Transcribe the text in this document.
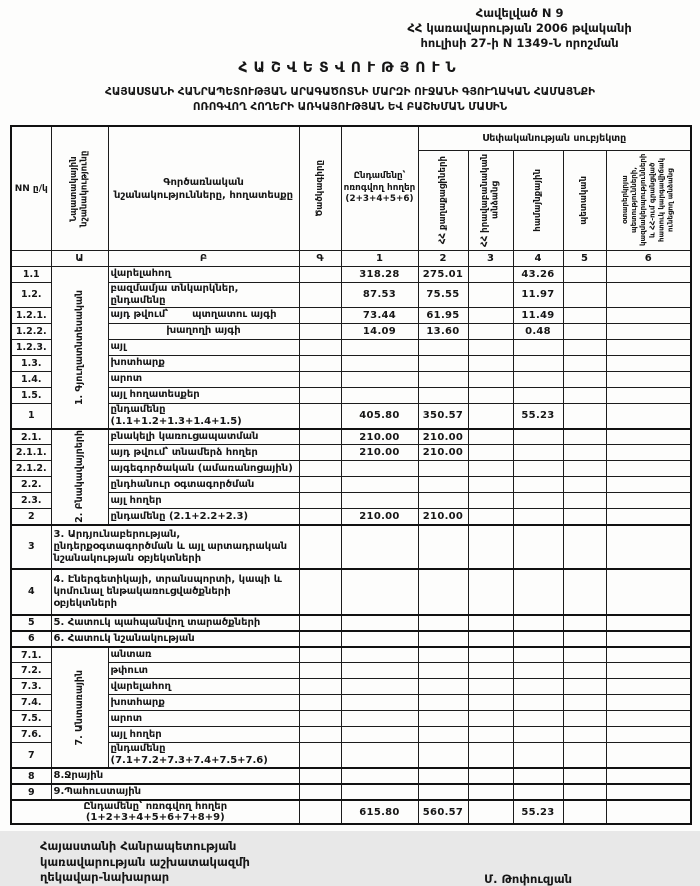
Հավելված N 9
ՀՀ կառավարության 2006 թվականի
հուլիսի 27-ի N 1349-Ն որոշման
ՀԱՇՎԵՏՎՈՒԹՅՈՒՆ
ՀԱՅԱՍՏԱՆԻ ՀԱՆՐԱՊԵՏՈՒԹՅԱՆ ԱՐԱԳԱԾՈՏՆԻ ՄԱՐԶԻ ՈՒՋԱՆԻ ԳՅՈՒՂԱԿԱՆ ՀԱՄԱՅՆՔԻ
ՈՌՈԳՎՈՂ ՀՈՂԵՐԻ ԱՌԿԱՅՈՒԹՅԱՆ ԵՎ ԲԱՇԽՄԱՆ ՄԱՍԻՆ
NN ը/կ	Նպատակային նշանակությունը	Գործառնական նշանակությունները, հողատեսքը	Ծածկագիրը	Ընդամենը՝ ոռոգվող հողեր (2+3+4+5+6)	Սեփականության սուբյեկտը				

					ՀՀ քաղաքացիների	ՀՀ իրավաբանական անձանց	համայնքային	պետական	օտարերկրյա պետությունների, կազմակերպությունների և ՀՀ-ում գրանցված հատուկ կարգավիճակ ունեցող անձանց

	Ա	Բ	Գ	1	2	3	4	5	6
1.1	1. Գյուղատնտեսական	վարելահող		318.28	275.01		43.26		
1.2.		բազմամյա տնկարկներ, ընդամենը		87.53	75.55		11.97		
1.2.1.		այդ թվում՝ պտղատու այգի		73.44	61.95		11.49		
1.2.2.		խաղողի այգի		14.09	13.60		0.48		
1.2.3.		այլ							
1.3.		խոտհարք							
1.4.		արոտ							
1.5.		այլ հողատեսքեր							
1		ընդամենը (1.1+1.2+1.3+1.4+1.5)		405.80	350.57		55.23		
2.1.	2. Բնակավայրերի	բնակելի կառուցապատման		210.00	210.00				
2.1.1.		այդ թվում՝ տնամերձ հողեր		210.00	210.00				
2.1.2.		այգեգործական (ամառանոցային)							
2.2.		ընդհանուր օգտագործման							
2.3.		այլ հողեր							
2		ընդամենը (2.1+2.2+2.3)		210.00	210.00				
3	3. Արդյունաբերության, ընդերքօգտագործման և այլ արտադրական նշանակության օբյեկտների								
4	4. Էներգետիկայի, տրանսպորտի, կապի և կոմունալ ենթակառուցվածքների օբյեկտների								
5	5. Հատուկ պահպանվող տարածքների								
6	6. Հատուկ նշանակության								
7.1.	7. Անտառային	անտառ							
7.2.		թփուտ							
7.3.		վարելահող							
7.4.		խոտհարք							
7.5.		արոտ							
7.6.		այլ հողեր							
7		ընդամենը (7.1+7.2+7.3+7.4+7.5+7.6)							
8	8.Ջրային								
9	9.Պահուստային								
Ընդամենը՝ ոռոգվող հողեր (1+2+3+4+5+6+7+8+9)				615.80	560.57		55.23		
Հայաստանի Հանրապետության
կառավարության աշխատակազմի
ղեկավար-նախարար	Մ. Թոփուզյան
